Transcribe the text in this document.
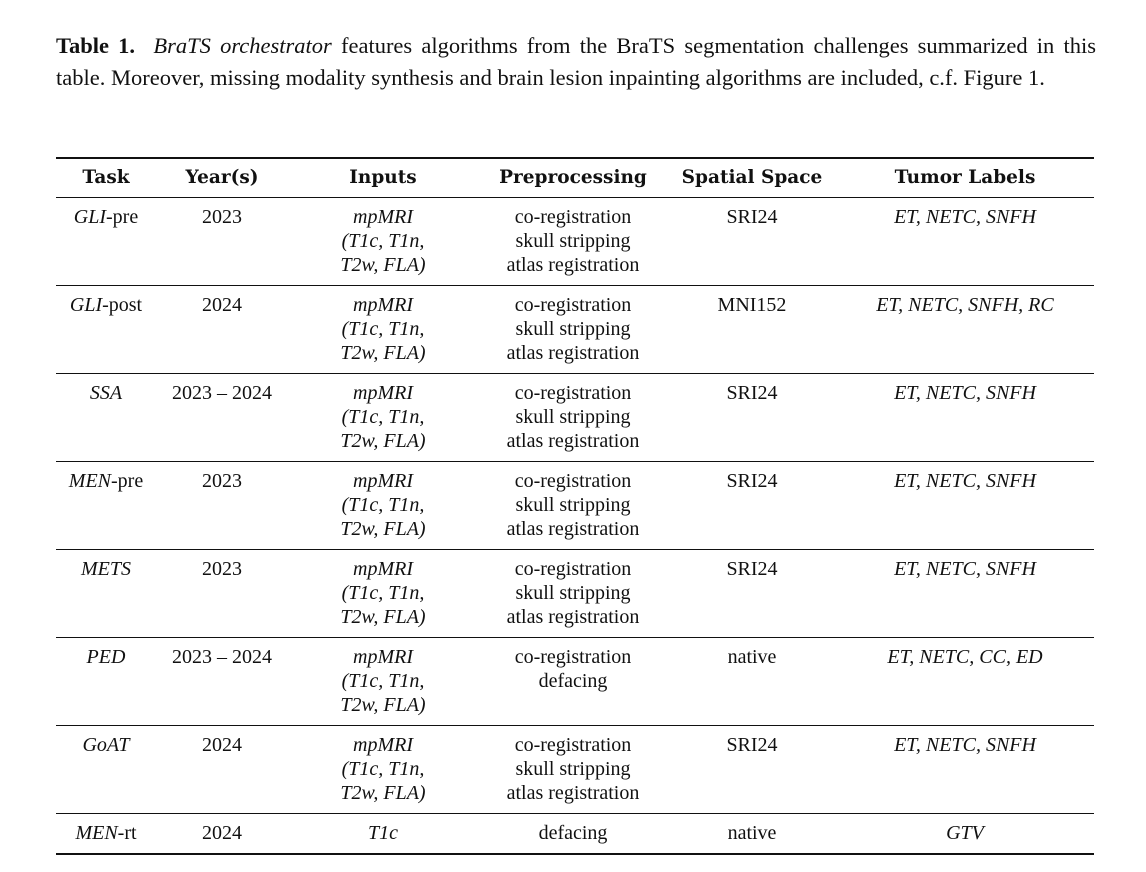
Table 1. BraTS orchestrator features algorithms from the BraTS segmentation challenges summarized in this table. Moreover, missing modality synthesis and brain lesion inpainting algorithms are included, c.f. Figure 1.
Task	Year(s)	Inputs	Preprocessing	Spatial Space	Tumor Labels
GLI-pre	2023	mpMRI
(T1c, T1n,
T2w, FLA)	co-registration
skull stripping
atlas registration	SRI24	ET, NETC, SNFH
GLI-post	2024	mpMRI
(T1c, T1n,
T2w, FLA)	co-registration
skull stripping
atlas registration	MNI152	ET, NETC, SNFH, RC
SSA	2023 – 2024	mpMRI
(T1c, T1n,
T2w, FLA)	co-registration
skull stripping
atlas registration	SRI24	ET, NETC, SNFH
MEN-pre	2023	mpMRI
(T1c, T1n,
T2w, FLA)	co-registration
skull stripping
atlas registration	SRI24	ET, NETC, SNFH
METS	2023	mpMRI
(T1c, T1n,
T2w, FLA)	co-registration
skull stripping
atlas registration	SRI24	ET, NETC, SNFH
PED	2023 – 2024	mpMRI
(T1c, T1n,
T2w, FLA)	co-registration
defacing	native	ET, NETC, CC, ED
GoAT	2024	mpMRI
(T1c, T1n,
T2w, FLA)	co-registration
skull stripping
atlas registration	SRI24	ET, NETC, SNFH
MEN-rt	2024	T1c	defacing	native	GTV
